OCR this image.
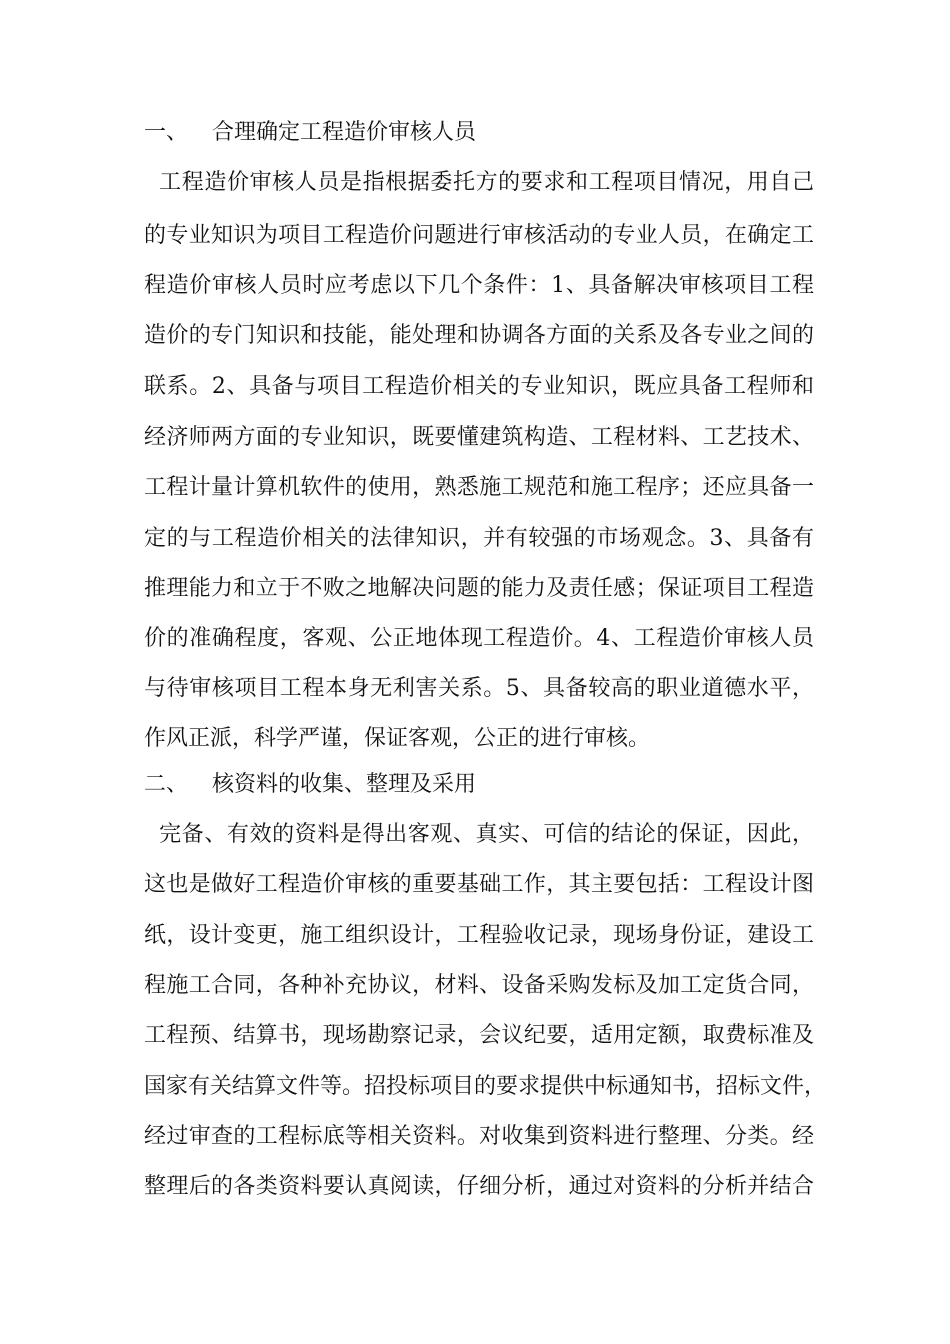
一、 合理确定工程造价审核人员
工程造价审核人员是指根据委托方的要求和工程项目情况，用自己
的专业知识为项目工程造价问题进行审核活动的专业人员，在确定工
程造价审核人员时应考虑以下几个条件：1、具备解决审核项目工程
造价的专门知识和技能，能处理和协调各方面的关系及各专业之间的
联系。2、具备与项目工程造价相关的专业知识，既应具备工程师和
经济师两方面的专业知识，既要懂建筑构造、工程材料、工艺技术、
工程计量计算机软件的使用，熟悉施工规范和施工程序；还应具备一
定的与工程造价相关的法律知识，并有较强的市场观念。3、具备有
推理能力和立于不败之地解决问题的能力及责任感；保证项目工程造
价的准确程度，客观、公正地体现工程造价。4、工程造价审核人员
与待审核项目工程本身无利害关系。5、具备较高的职业道德水平，
作风正派，科学严谨，保证客观，公正的进行审核。
二、 核资料的收集、整理及采用
完备、有效的资料是得出客观、真实、可信的结论的保证，因此，
这也是做好工程造价审核的重要基础工作，其主要包括：工程设计图
纸，设计变更，施工组织设计，工程验收记录，现场身份证，建设工
程施工合同，各种补充协议，材料、设备采购发标及加工定货合同，
工程预、结算书，现场勘察记录，会议纪要，适用定额，取费标准及
国家有关结算文件等。招投标项目的要求提供中标通知书，招标文件，
经过审查的工程标底等相关资料。对收集到资料进行整理、分类。经
整理后的各类资料要认真阅读，仔细分析，通过对资料的分析并结合
